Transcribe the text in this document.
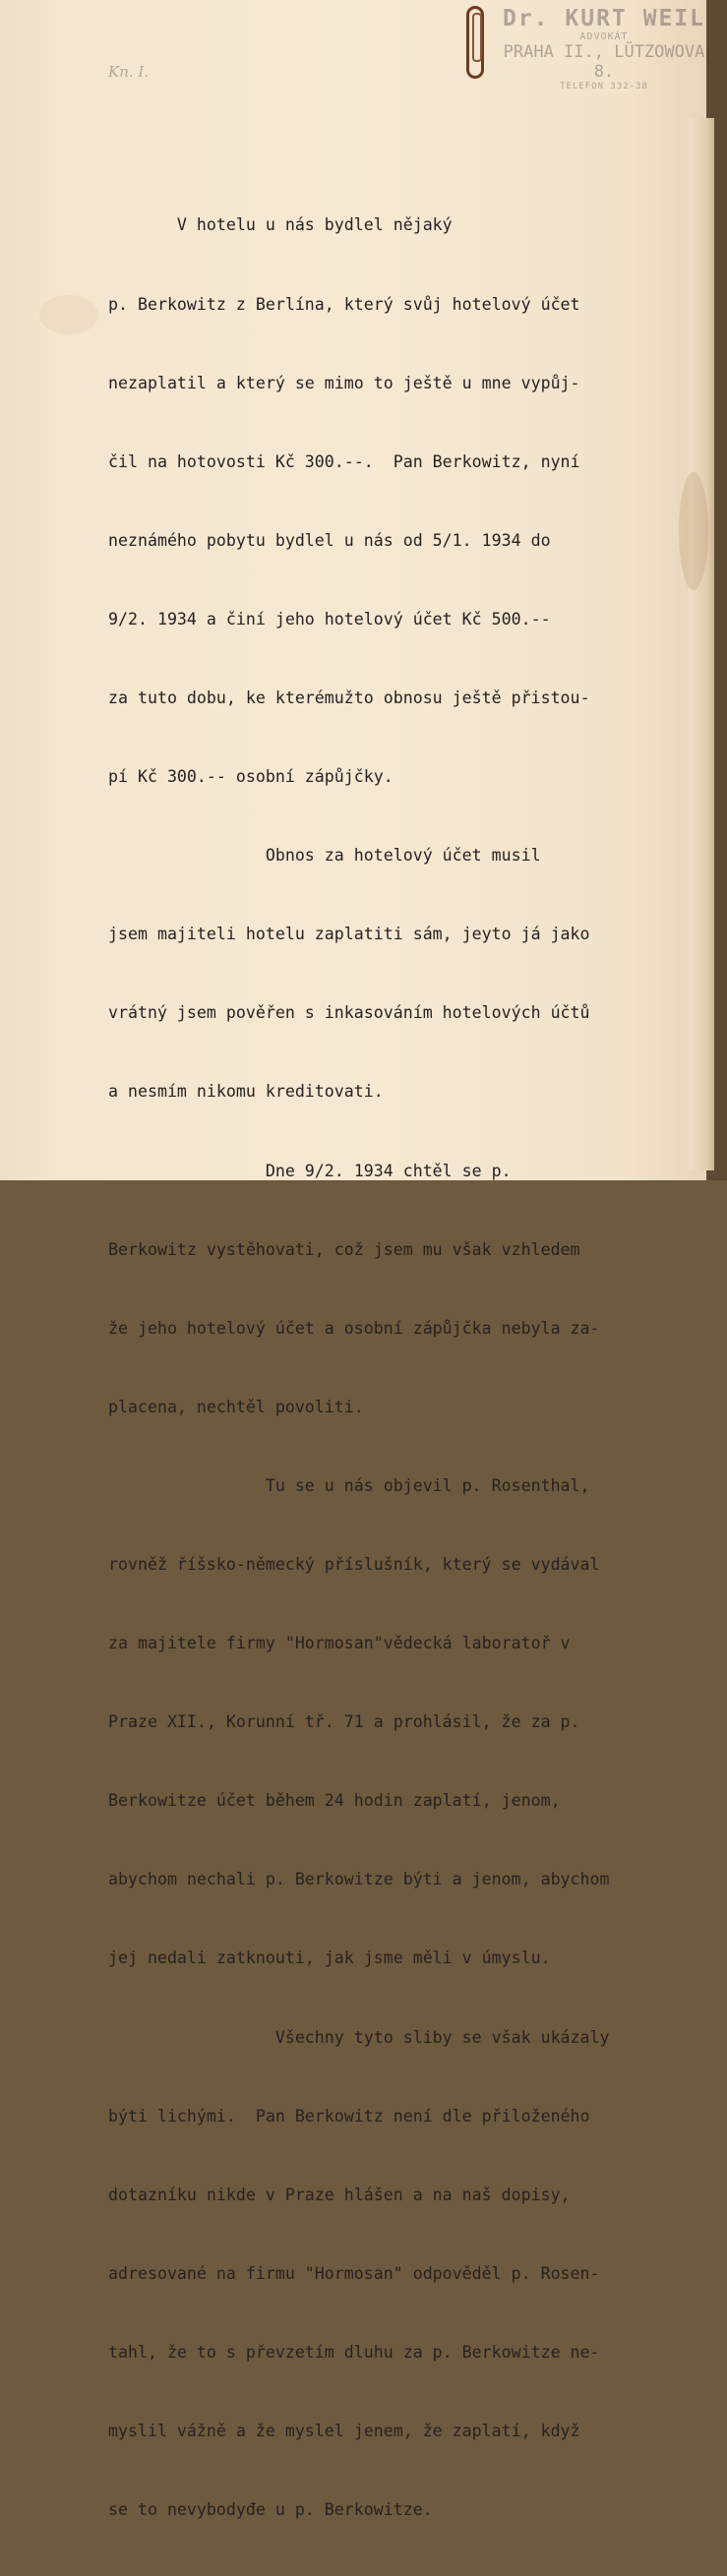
Dr. KURT WEIL
ADVOKÁT
PRAHA II., LÜTZOWOVA 8.
TELEFON 332-38
Kn. I.

V hotelu u nás bydlel nějaký

p. Berkowitz z Berlína, který svůj hotelový účet

nezaplatil a který se mimo to ještě u mne vypůj-

čil na hotovosti Kč 300.--.  Pan Berkowitz, nyní

neznámého pobytu bydlel u nás od 5/1. 1934 do

9/2. 1934 a činí jeho hotelový účet Kč 500.--

za tuto dobu, ke kterémužto obnosu ještě přistou-

pí Kč 300.-- osobní zápůjčky.

Obnos za hotelový účet musil

jsem majiteli hotelu zaplatiti sám, jeyto já jako

vrátný jsem pověřen s inkasováním hotelových účtů

a nesmím nikomu kreditovati.

Dne 9/2. 1934 chtěl se p.

Berkowitz vystěhovati, což jsem mu však vzhledem

že jeho hotelový účet a osobní zápůjčka nebyla za-

placena, nechtěl povoliti.

Tu se u nás objevil p. Rosenthal,

rovněž říšsko-německý příslušník, který se vydával

za majitele firmy "Hormosan"vědecká laboratoř v

Praze XII., Korunní tř. 71 a prohlásil, že za p.

Berkowitze účet během 24 hodin zaplatí, jenom,

abychom nechali p. Berkowitze býti a jenom, abychom

jej nedali zatknouti, jak jsme měli v úmyslu.

Všechny tyto sliby se však ukázaly

býti lichými.  Pan Berkowitz není dle přiloženého

dotazníku nikde v Praze hlášen a na naš dopisy,

adresované na firmu "Hormosan" odpověděl p. Rosen-

tahl, že to s převzetím dluhu za p. Berkowitze ne-

myslil vážně a že myslel jenem, že zaplatí, když

se to nevybodyđe u p. Berkowitze.
